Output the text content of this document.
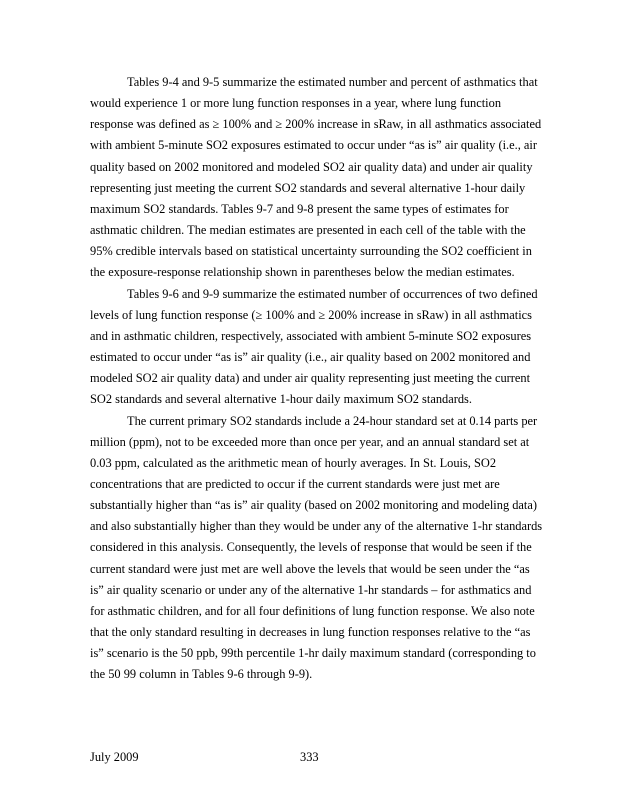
Tables 9-4 and 9-5 summarize the estimated number and percent of asthmatics that would experience 1 or more lung function responses in a year, where lung function response was defined as ≥ 100% and ≥ 200% increase in sRaw, in all asthmatics associated with ambient 5-minute SO2 exposures estimated to occur under “as is” air quality (i.e., air quality based on 2002 monitored and modeled SO2 air quality data) and under air quality representing just meeting the current SO2 standards and several alternative 1-hour daily maximum SO2 standards. Tables 9-7 and 9-8 present the same types of estimates for asthmatic children. The median estimates are presented in each cell of the table with the 95% credible intervals based on statistical uncertainty surrounding the SO2 coefficient in the exposure-response relationship shown in parentheses below the median estimates.

Tables 9-6 and 9-9 summarize the estimated number of occurrences of two defined levels of lung function response (≥ 100% and ≥ 200% increase in sRaw) in all asthmatics and in asthmatic children, respectively, associated with ambient 5-minute SO2 exposures estimated to occur under “as is” air quality (i.e., air quality based on 2002 monitored and modeled SO2 air quality data) and under air quality representing just meeting the current SO2 standards and several alternative 1-hour daily maximum SO2 standards.

The current primary SO2 standards include a 24-hour standard set at 0.14 parts per million (ppm), not to be exceeded more than once per year, and an annual standard set at 0.03 ppm, calculated as the arithmetic mean of hourly averages. In St. Louis, SO2 concentrations that are predicted to occur if the current standards were just met are substantially higher than “as is” air quality (based on 2002 monitoring and modeling data) and also substantially higher than they would be under any of the alternative 1-hr standards considered in this analysis. Consequently, the levels of response that would be seen if the current standard were just met are well above the levels that would be seen under the “as is” air quality scenario or under any of the alternative 1-hr standards – for asthmatics and for asthmatic children, and for all four definitions of lung function response. We also note that the only standard resulting in decreases in lung function responses relative to the “as is” scenario is the 50 ppb, 99th percentile 1-hr daily maximum standard (corresponding to the 50 99 column in Tables 9-6 through 9-9).

July 2009	333
